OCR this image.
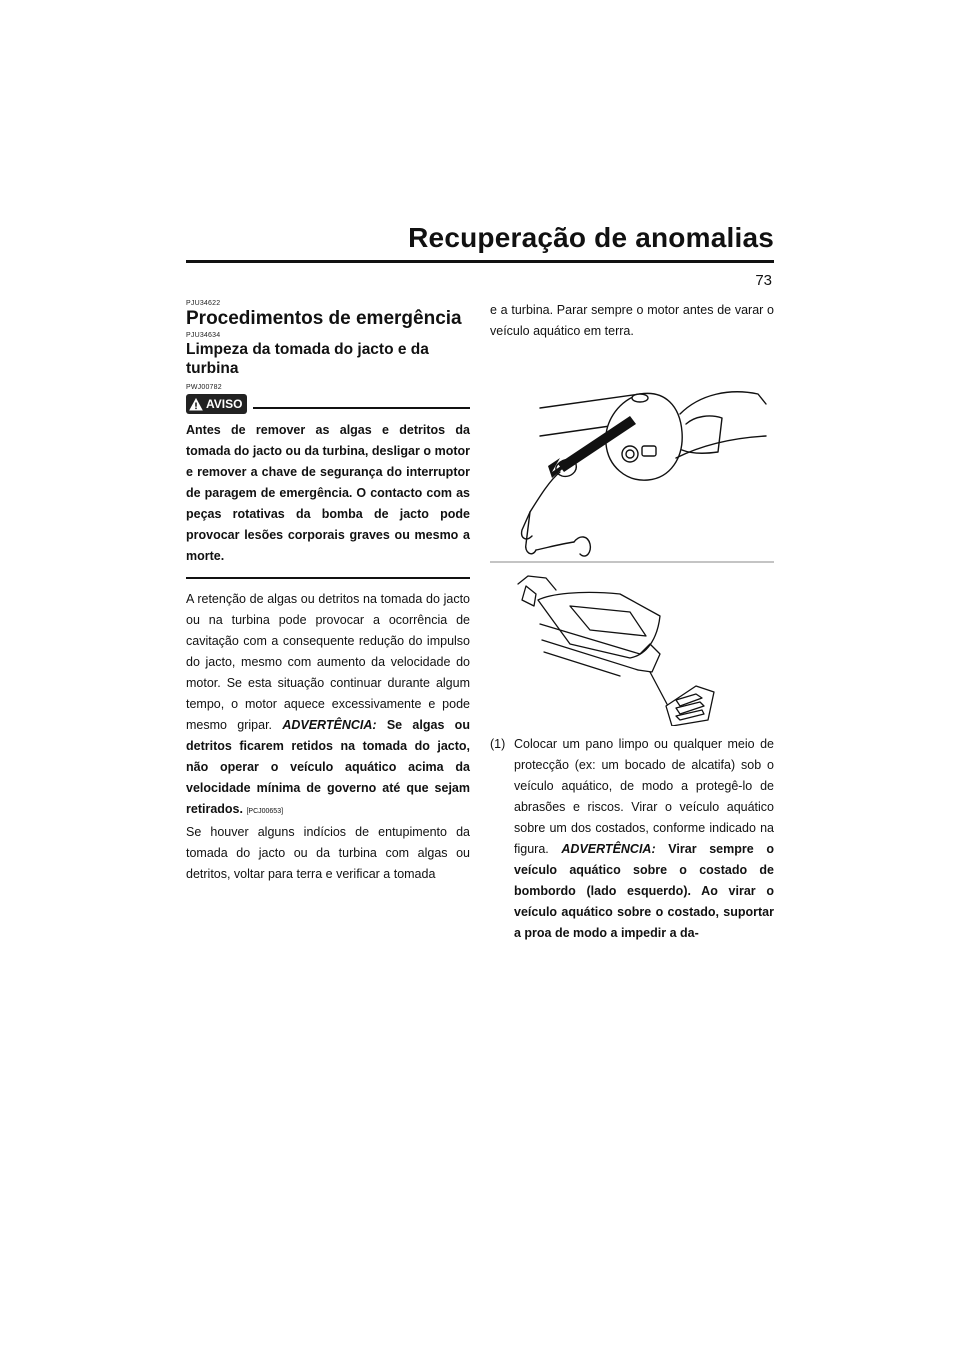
Recuperação de anomalias
73
PJU34622
Procedimentos de emergência
PJU34634
Limpeza da tomada do jacto e da turbina
PWJ00782
AVISO

Antes de remover as algas e detritos da tomada do jacto ou da turbina, desligar o motor e remover a chave de segurança do interruptor de paragem de emergência. O contacto com as peças rotativas da bomba de jacto pode provocar lesões corporais graves ou mesmo a morte.

A retenção de algas ou detritos na tomada do jacto ou na turbina pode provocar a ocorrência de cavitação com a consequente redução do impulso do jacto, mesmo com aumento da velocidade do motor. Se esta situação continuar durante algum tempo, o motor aquece excessivamente e pode mesmo gripar. ADVERTÊNCIA: Se algas ou detritos ficarem retidos na tomada do jacto, não operar o veículo aquático acima da velocidade mínima de governo até que sejam retirados. [PCJ00653]

Se houver alguns indícios de entupimento da tomada do jacto ou da turbina com algas ou detritos, voltar para terra e verificar a tomada

e a turbina. Parar sempre o motor antes de varar o veículo aquático em terra.

(1) Colocar um pano limpo ou qualquer meio de protecção (ex: um bocado de alcatifa) sob o veículo aquático, de modo a protegê-lo de abrasões e riscos. Virar o veículo aquático sobre um dos costados, conforme indicado na figura. ADVERTÊNCIA: Virar sempre o veículo aquático sobre o costado de bombordo (lado esquerdo). Ao virar o veículo aquático sobre o costado, suportar a proa de modo a impedir a da-
